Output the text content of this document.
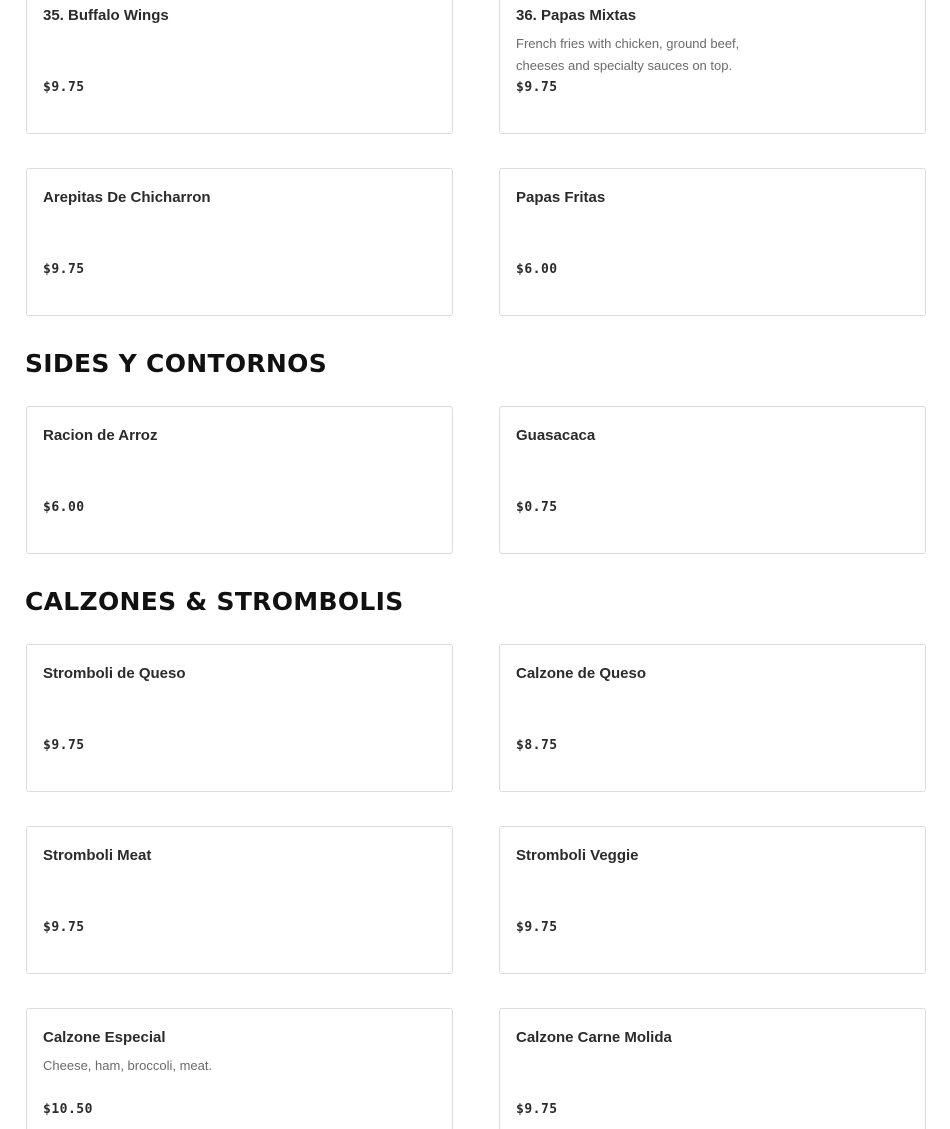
35. Buffalo Wings
$9.75
36. Papas Mixtas
French fries with chicken, ground beef, cheeses and specialty sauces on top.
$9.75
Arepitas De Chicharron
$9.75
Papas Fritas
$6.00
SIDES Y CONTORNOS
Racion de Arroz
$6.00
Guasacaca
$0.75
CALZONES & STROMBOLIS
Stromboli de Queso
$9.75
Calzone de Queso
$8.75
Stromboli Meat
$9.75
Stromboli Veggie
$9.75
Calzone Especial
Cheese, ham, broccoli, meat.
$10.50
Calzone Carne Molida
$9.75
